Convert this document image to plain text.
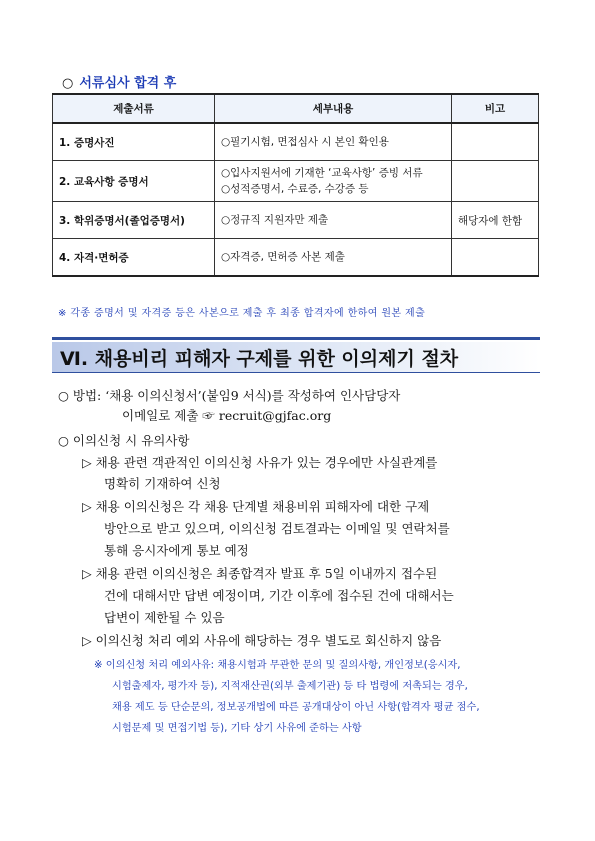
○ 서류심사 합격 후
제출서류	세부내용	비고
1. 증명사진	○필기시험, 면접심사 시 본인 확인용	

2. 교육사항 증명서	○입사지원서에 기재한 ‘교육사항’ 증빙 서류
○성적증명서, 수료증, 수강증 등	

3. 학위증명서(졸업증명서)	○정규직 지원자만 제출	해당자에 한함
4. 자격·면허증	○자격증, 면허증 사본 제출	

※ 각종 증명서 및 자격증 등은 사본으로 제출 후 최종 합격자에 한하여 원본 제출
Ⅵ. 채용비리 피해자 구제를 위한 이의제기 절차
○ 방법: ‘채용 이의신청서’(붙임9 서식)를 작성하여 인사담당자
이메일로 제출 ☞ recruit@gjfac.org
○ 이의신청 시 유의사항
▷ 채용 관련 객관적인 이의신청 사유가 있는 경우에만 사실관계를
명확히 기재하여 신청
▷ 채용 이의신청은 각 채용 단계별 채용비위 피해자에 대한 구제
방안으로 받고 있으며, 이의신청 검토결과는 이메일 및 연락처를
통해 응시자에게 통보 예정
▷ 채용 관련 이의신청은 최종합격자 발표 후 5일 이내까지 접수된
건에 대해서만 답변 예정이며, 기간 이후에 접수된 건에 대해서는
답변이 제한될 수 있음
▷ 이의신청 처리 예외 사유에 해당하는 경우 별도로 회신하지 않음
※ 이의신청 처리 예외사유: 채용시험과 무관한 문의 및 질의사항, 개인정보(응시자,
시험출제자, 평가자 등), 지적재산권(외부 출제기관) 등 타 법령에 저촉되는 경우,
채용 제도 등 단순문의, 정보공개법에 따른 공개대상이 아닌 사항(합격자 평균 점수,
시험문제 및 면접기법 등), 기타 상기 사유에 준하는 사항
